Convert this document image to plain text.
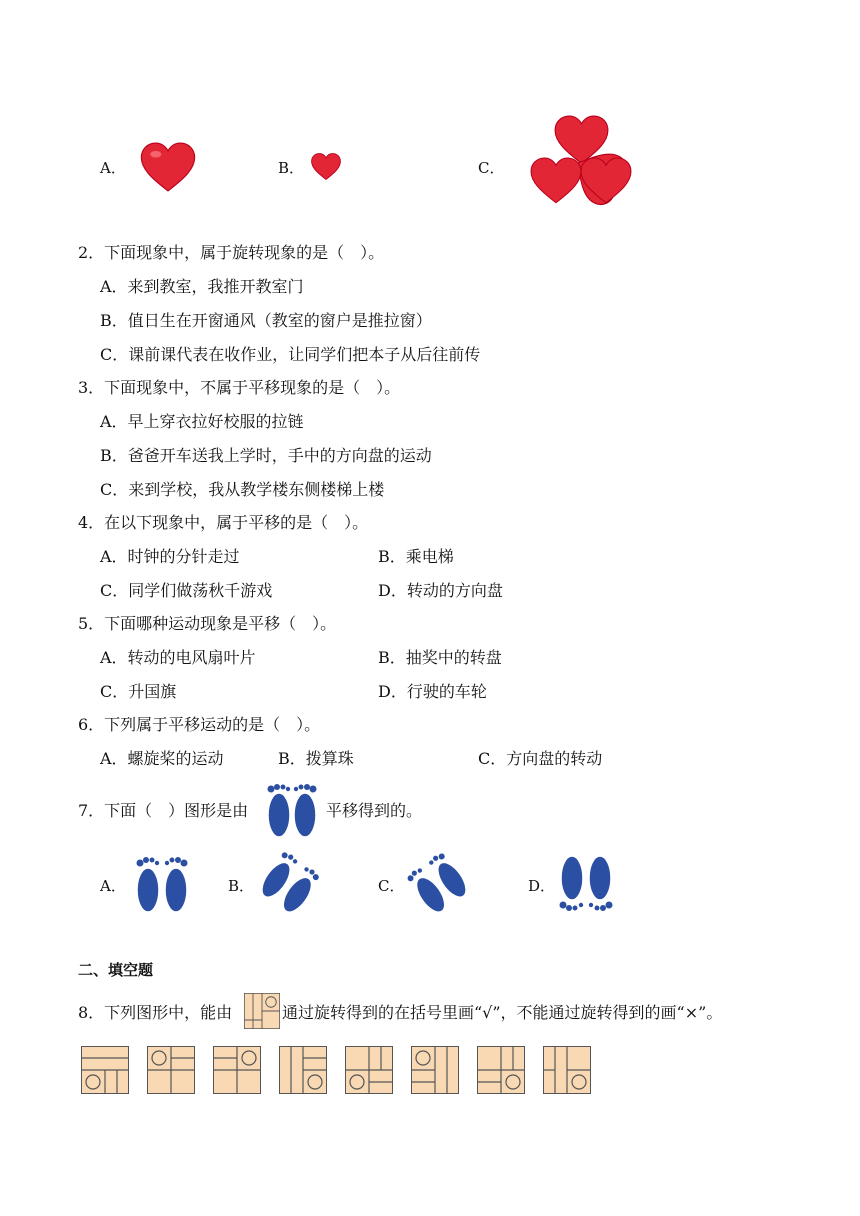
A．	B．	C．
2．下面现象中，属于旋转现象的是（　）。
A．来到教室，我推开教室门
B．值日生在开窗通风（教室的窗户是推拉窗）
C．课前课代表在收作业，让同学们把本子从后往前传
3．下面现象中，不属于平移现象的是（　）。
A．早上穿衣拉好校服的拉链
B．爸爸开车送我上学时，手中的方向盘的运动
C．来到学校，我从教学楼东侧楼梯上楼
4．在以下现象中，属于平移的是（　）。
A．时钟的分针走过	B．乘电梯
C．同学们做荡秋千游戏	D．转动的方向盘
5．下面哪种运动现象是平移（　）。
A．转动的电风扇叶片	B．抽奖中的转盘
C．升国旗	D．行驶的车轮
6．下列属于平移运动的是（　）。
A．螺旋桨的运动	B．拨算珠	C．方向盘的转动
7．下面（　）图形是由	平移得到的。
A．	B．	C．	D．
二、填空题
8．下列图形中，能由	通过旋转得到的在括号里画“√”，不能通过旋转得到的画“×”。
